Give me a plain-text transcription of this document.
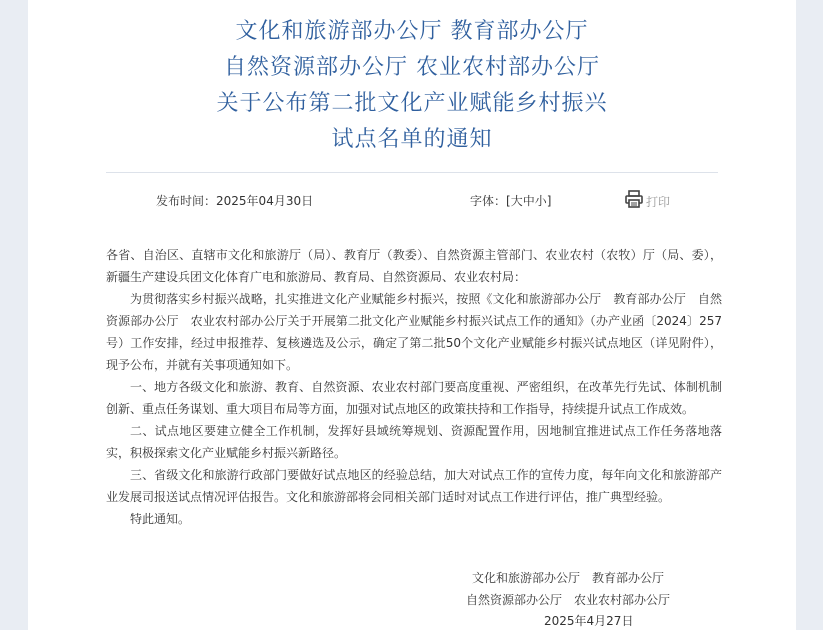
文化和旅游部办公厅 教育部办公厅
自然资源部办公厅 农业农村部办公厅
关于公布第二批文化产业赋能乡村振兴
试点名单的通知
发布时间：2025年04月30日	字体：[大中小]	打印

各省、自治区、直辖市文化和旅游厅（局）、教育厅（教委）、自然资源主管部门、农业农村（农牧）厅（局、委），新疆生产建设兵团文化体育广电和旅游局、教育局、自然资源局、农业农村局：

为贯彻落实乡村振兴战略，扎实推进文化产业赋能乡村振兴，按照《文化和旅游部办公厅　教育部办公厅　自然资源部办公厅　农业农村部办公厅关于开展第二批文化产业赋能乡村振兴试点工作的通知》（办产业函〔2024〕257号）工作安排，经过申报推荐、复核遴选及公示，确定了第二批50个文化产业赋能乡村振兴试点地区（详见附件），现予公布，并就有关事项通知如下。

一、地方各级文化和旅游、教育、自然资源、农业农村部门要高度重视、严密组织，在改革先行先试、体制机制创新、重点任务谋划、重大项目布局等方面，加强对试点地区的政策扶持和工作指导，持续提升试点工作成效。

二、试点地区要建立健全工作机制，发挥好县域统筹规划、资源配置作用，因地制宜推进试点工作任务落地落实，积极探索文化产业赋能乡村振兴新路径。

三、省级文化和旅游行政部门要做好试点地区的经验总结，加大对试点工作的宣传力度，每年向文化和旅游部产业发展司报送试点情况评估报告。文化和旅游部将会同相关部门适时对试点工作进行评估，推广典型经验。

特此通知。

文化和旅游部办公厅　教育部办公厅
自然资源部办公厅　农业农村部办公厅
2025年4月27日
